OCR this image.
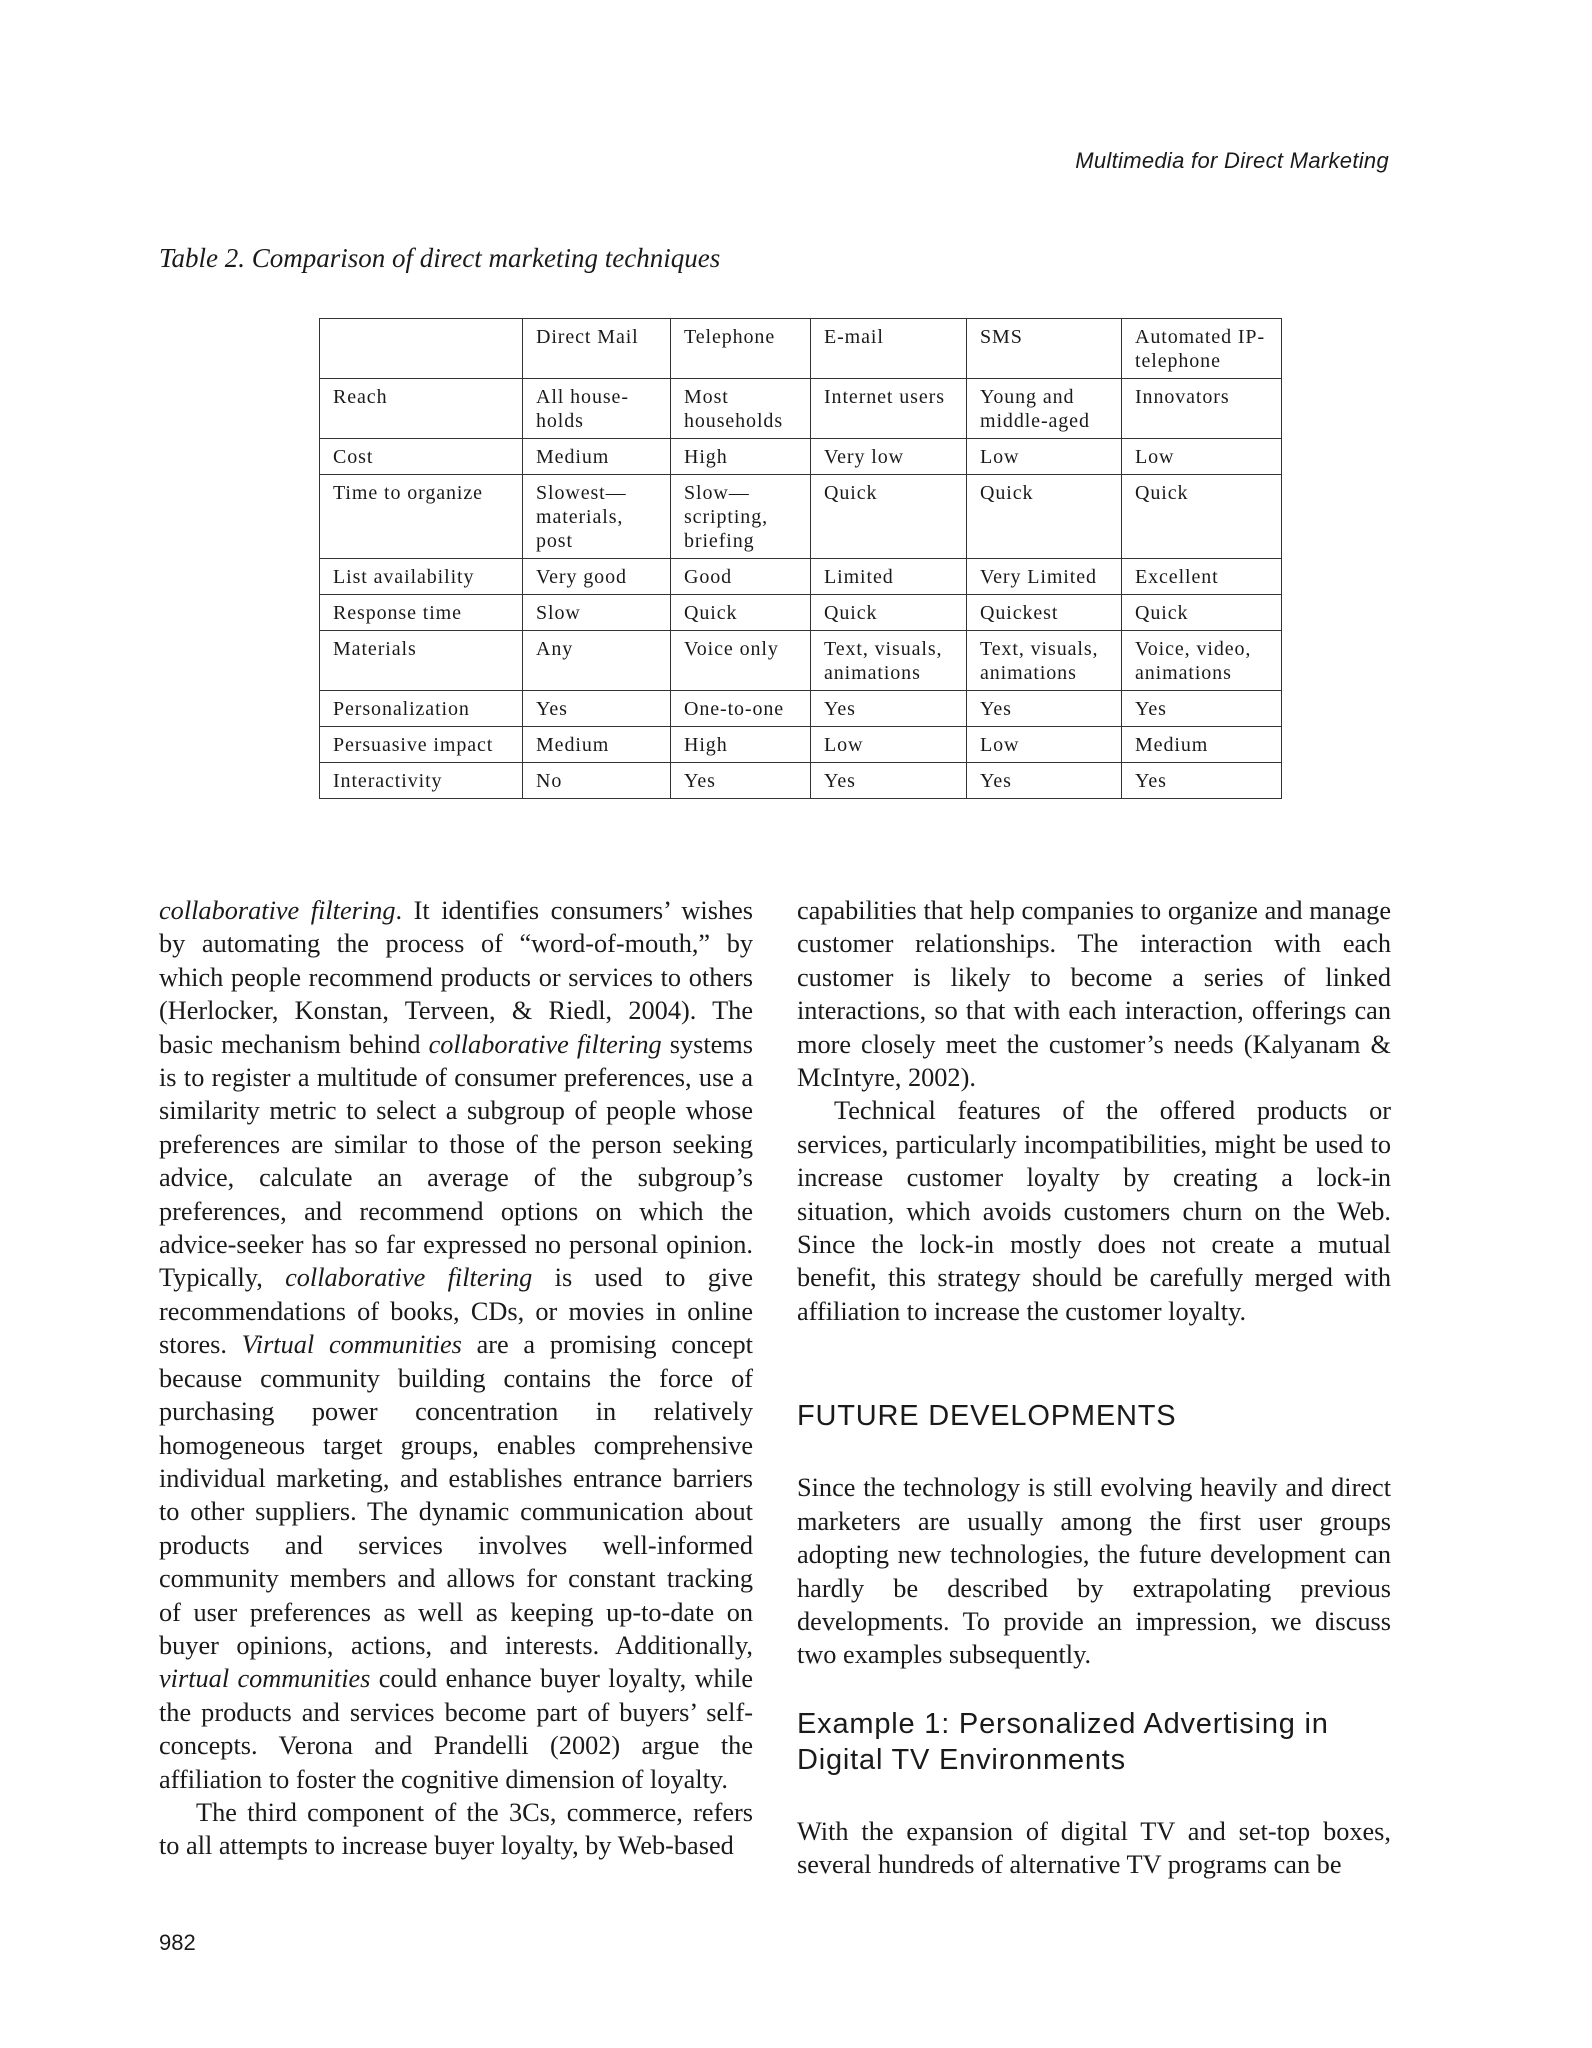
Multimedia for Direct Marketing
Table 2. Comparison of direct marketing techniques
	Direct Mail	Telephone	E-mail	SMS	Automated IP-telephone
Reach	All house-holds	Most households	Internet users	Young and middle-aged	Innovators
Cost	Medium	High	Very low	Low	Low
Time to organize	Slowest—materials, post	Slow—scripting, briefing	Quick	Quick	Quick
List availability	Very good	Good	Limited	Very Limited	Excellent
Response time	Slow	Quick	Quick	Quickest	Quick
Materials	Any	Voice only	Text, visuals, animations	Text, visuals, animations	Voice, video, animations
Personalization	Yes	One-to-one	Yes	Yes	Yes
Persuasive impact	Medium	High	Low	Low	Medium
Interactivity	No	Yes	Yes	Yes	Yes

collaborative filtering. It identifies consumers’ wishes by automating the process of “word-of-mouth,” by which people recommend products or services to others (Herlocker, Konstan, Terveen, & Riedl, 2004). The basic mechanism behind collaborative filtering systems is to register a multitude of consumer preferences, use a similarity metric to select a subgroup of people whose preferences are similar to those of the person seeking advice, calculate an average of the subgroup’s preferences, and recommend options on which the advice-seeker has so far expressed no personal opinion. Typically, collaborative filtering is used to give recommendations of books, CDs, or movies in online stores. Virtual communities are a promising concept because community building contains the force of purchasing power concentration in relatively homogeneous target groups, enables comprehensive individual marketing, and establishes entrance barriers to other suppliers. The dynamic communication about products and services involves well-informed community members and allows for constant tracking of user preferences as well as keeping up-to-date on buyer opinions, actions, and interests. Additionally, virtual communities could enhance buyer loyalty, while the products and services become part of buyers’ self-concepts. Verona and Prandelli (2002) argue the affiliation to foster the cognitive dimension of loyalty.

The third component of the 3Cs, commerce, refers to all attempts to increase buyer loyalty, by Web-based

capabilities that help companies to organize and manage customer relationships. The interaction with each customer is likely to become a series of linked interactions, so that with each interaction, offerings can more closely meet the customer’s needs (Kalyanam & McIntyre, 2002).

Technical features of the offered products or services, particularly incompatibilities, might be used to increase customer loyalty by creating a lock-in situation, which avoids customers churn on the Web. Since the lock-in mostly does not create a mutual benefit, this strategy should be carefully merged with affiliation to increase the customer loyalty.

FUTURE DEVELOPMENTS

Since the technology is still evolving heavily and direct marketers are usually among the first user groups adopting new technologies, the future development can hardly be described by extrapolating previous developments. To provide an impression, we discuss two examples subsequently.

Example 1: Personalized Advertising in Digital TV Environments

With the expansion of digital TV and set-top boxes, several hundreds of alternative TV programs can be

982
